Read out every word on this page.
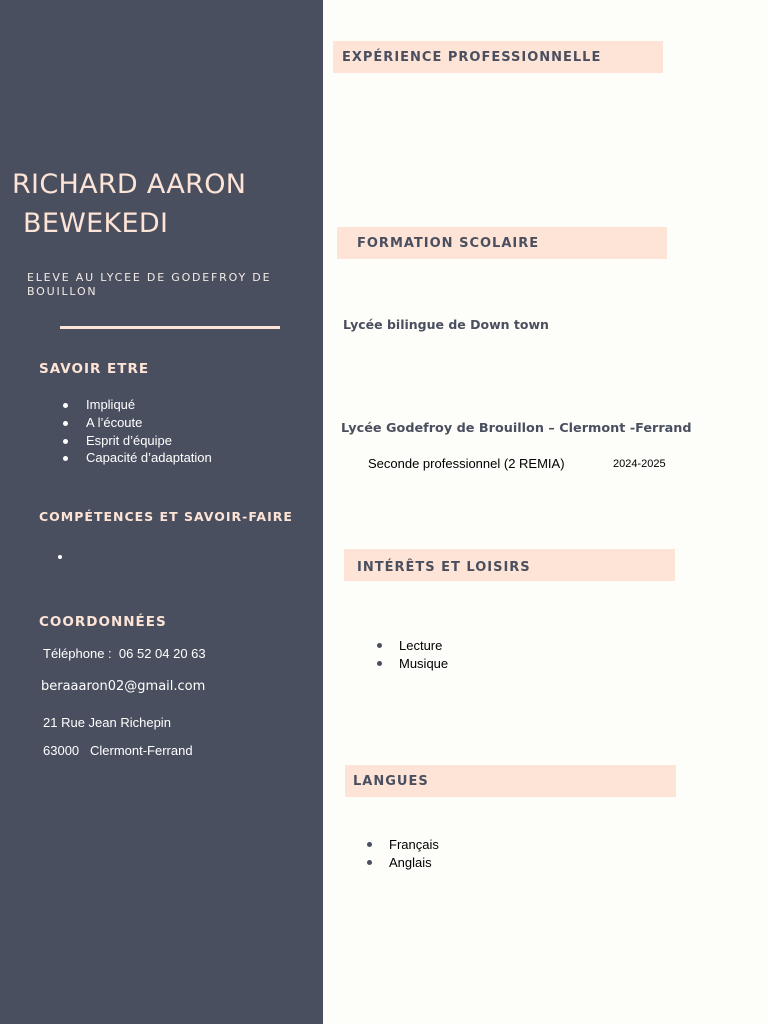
RICHARD AARON
BEWEKEDI
ELEVE AU LYCEE DE GODEFROY DE BOUILLON
SAVOIR ETRE
Impliqué
A l’écoute
Esprit d’équipe
Capacité d’adaptation
COMPÉTENCES ET SAVOIR-FAIRE
COORDONNÉES
Téléphone :  06 52 04 20 63
beraaaron02@gmail.com
21 Rue Jean Richepin
63000   Clermont-Ferrand
EXPÉRIENCE PROFESSIONNELLE
FORMATION SCOLAIRE
Lycée bilingue de Down town
Lycée Godefroy de Brouillon – Clermont -Ferrand
Seconde professionnel (2 REMIA)	2024-2025
INTÉRÊTS ET LOISIRS
Lecture
Musique
LANGUES
Français
Anglais
